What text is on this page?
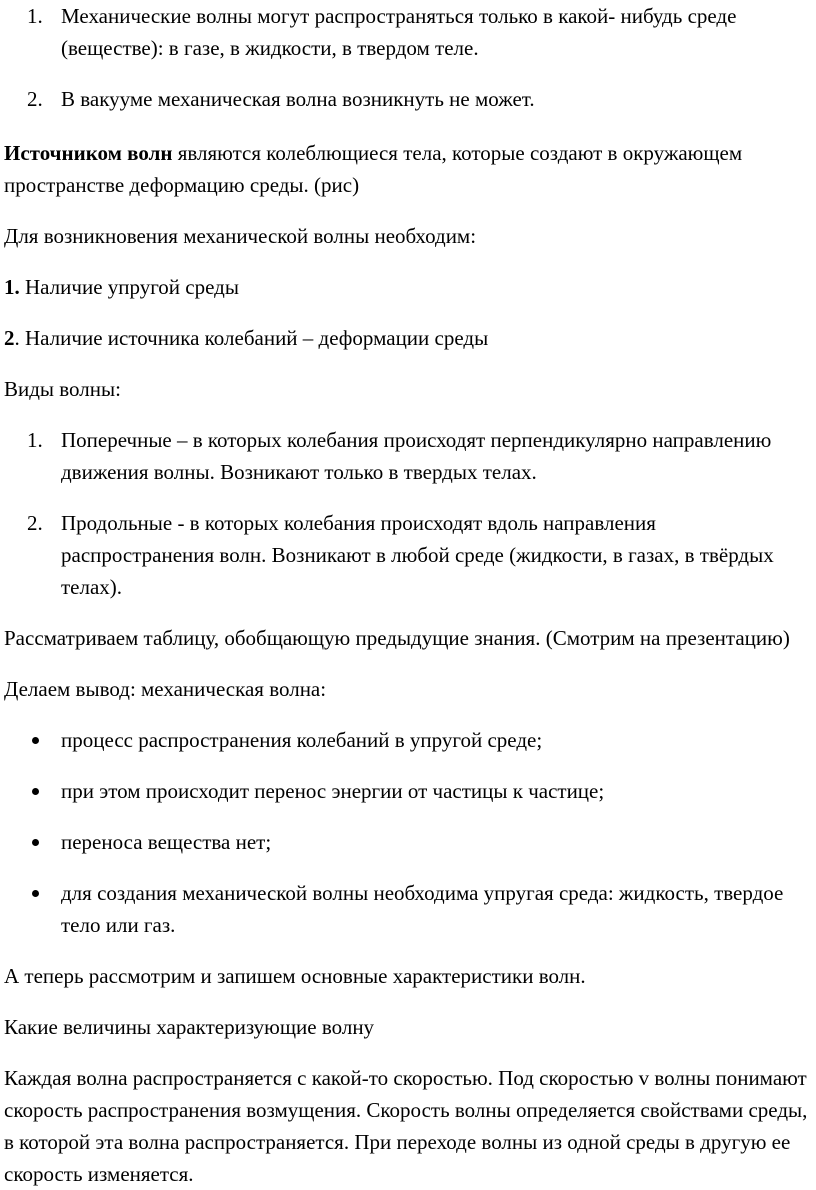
1. Механические волны могут распространяться только в какой- нибудь среде (веществе): в газе, в жидкости, в твердом теле.
2. В вакууме механическая волна возникнуть не может.

Источником волн являются колеблющиеся тела, которые создают в окружающем пространстве деформацию среды. (рис)

Для возникновения механической волны необходим:

1. Наличие упругой среды

2. Наличие источника колебаний – деформации среды

Виды волны:

1. Поперечные – в которых колебания происходят перпендикулярно направлению движения волны. Возникают только в твердых телах.
2. Продольные - в которых колебания происходят вдоль направления распространения волн. Возникают в любой среде (жидкости, в газах, в твёрдых телах).

Рассматриваем таблицу, обобщающую предыдущие знания. (Смотрим на презентацию)

Делаем вывод: механическая волна:

процесс распространения колебаний в упругой среде;
при этом происходит перенос энергии от частицы к частице;
переноса вещества нет;
для создания механической волны необходима упругая среда: жидкость, твердое тело или газ.

А теперь рассмотрим и запишем основные характеристики волн.

Какие величины характеризующие волну

Каждая волна распространяется с какой-то скоростью. Под скоростью v волны понимают скорость распространения возмущения. Скорость волны определяется свойствами среды, в которой эта волна распространяется. При переходе волны из одной среды в другую ее скорость изменяется.
